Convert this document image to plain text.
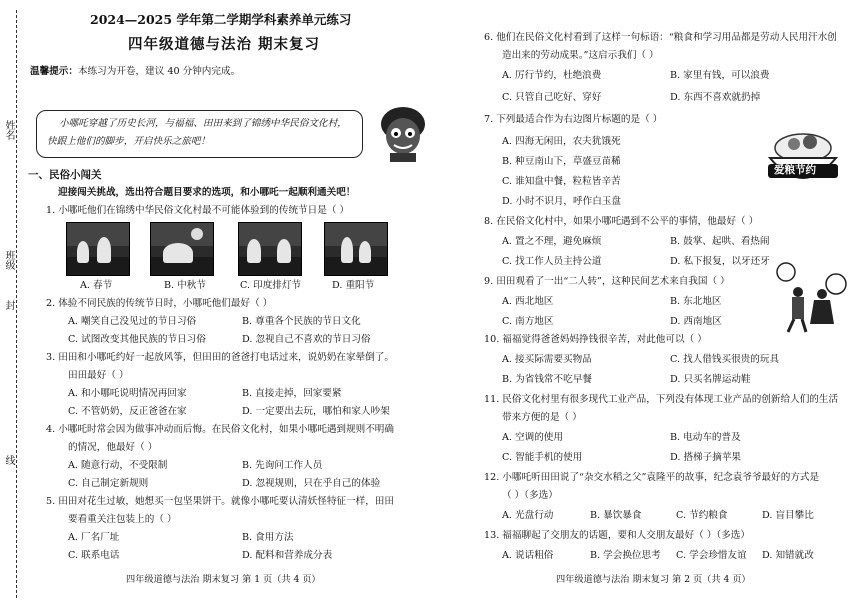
姓名
班级
封
线
2024—2025 学年第二学期学科素养单元练习
四年级道德与法治 期末复习
温馨提示：本练习为开卷，建议 40 分钟内完成。
小哪吒穿越了历史长河，与福福、田田来到了锦绣中华民俗文化村，
快跟上他们的脚步，开启快乐之旅吧！
一、民俗小闯关
迎接闯关挑战，选出符合题目要求的选项，和小哪吒一起顺利通关吧！
1. 小哪吒他们在锦绣中华民俗文化村最不可能体验到的传统节日是（ ）
A. 春节	B. 中秋节	C. 印度排灯节	D. 重阳节
2. 体验不同民族的传统节日时，小哪吒他们最好（ ）
A. 嘲笑自己没见过的节日习俗	B. 尊重各个民族的节日文化
C. 试图改变其他民族的节日习俗	D. 忽视自己不喜欢的节日习俗
3. 田田和小哪吒约好一起放风筝，但田田的爸爸打电话过来，说奶奶在家晕倒了。
田田最好（ ）
A. 和小哪吒说明情况再回家	B. 直接走掉，回家要紧
C. 不管奶奶，反正爸爸在家	D. 一定要出去玩，哪怕和家人吵架
4. 小哪吒时常会因为做事冲动而后悔。在民俗文化村，如果小哪吒遇到规则不明确
的情况，他最好（ ）
A. 随意行动，不受限制	B. 先询问工作人员
C. 自己制定新规则	D. 忽视规则，只在乎自己的体验
5. 田田对花生过敏，她想买一包坚果饼干。就像小哪吒要认清妖怪特征一样，田田
要看重关注包装上的（ ）
A. 厂名厂址	B. 食用方法
C. 联系电话	D. 配料和营养成分表
四年级道德与法治 期末复习 第 1 页（共 4 页）
6. 他们在民俗文化村看到了这样一句标语：“粮食和学习用品都是劳动人民用汗水创
造出来的劳动成果。”这启示我们（ ）
A. 厉行节约，杜绝浪费	B. 家里有钱，可以浪费
C. 只管自己吃好、穿好	D. 东西不喜欢就扔掉
7. 下列最适合作为右边图片标题的是（ ）
A. 四海无闲田，农夫犹饿死
B. 种豆南山下，草盛豆苗稀
C. 谁知盘中餐，粒粒皆辛苦
D. 小时不识月，呼作白玉盘
爱粮节约
8. 在民俗文化村中，如果小哪吒遇到不公平的事情，他最好（ ）
A. 置之不理，避免麻烦	B. 鼓掌、起哄、看热闹
C. 找工作人员主持公道	D. 私下报复，以牙还牙
9. 田田观看了一出“二人转”，这种民间艺术来自我国（ ）
A. 西北地区	B. 东北地区
C. 南方地区	D. 西南地区
10. 福福觉得爸爸妈妈挣钱很辛苦，对此他可以（ ）
A. 接买际需要买物品	C. 找人借钱买很贵的玩具
B. 为省钱常不吃早餐	D. 只买名牌运动鞋
11. 民俗文化村里有很多现代工业产品，下列没有体现工业产品的创新给人们的生活
带来方便的是（ ）
A. 空调的使用	B. 电动车的普及
C. 智能手机的使用	D. 搭梯子摘苹果
12. 小哪吒听田田说了“杂交水稻之父”袁隆平的故事，纪念袁爷爷最好的方式是
（ ）（多选）
A. 光盘行动	B. 暴饮暴食	C. 节约粮食	D. 盲目攀比
13. 福福聊起了交朋友的话题，要和人交朋友最好（ ）（多选）
A. 说话粗俗	B. 学会换位思考 C. 学会珍惜友谊 D. 知错就改
四年级道德与法治 期末复习 第 2 页（共 4 页）
